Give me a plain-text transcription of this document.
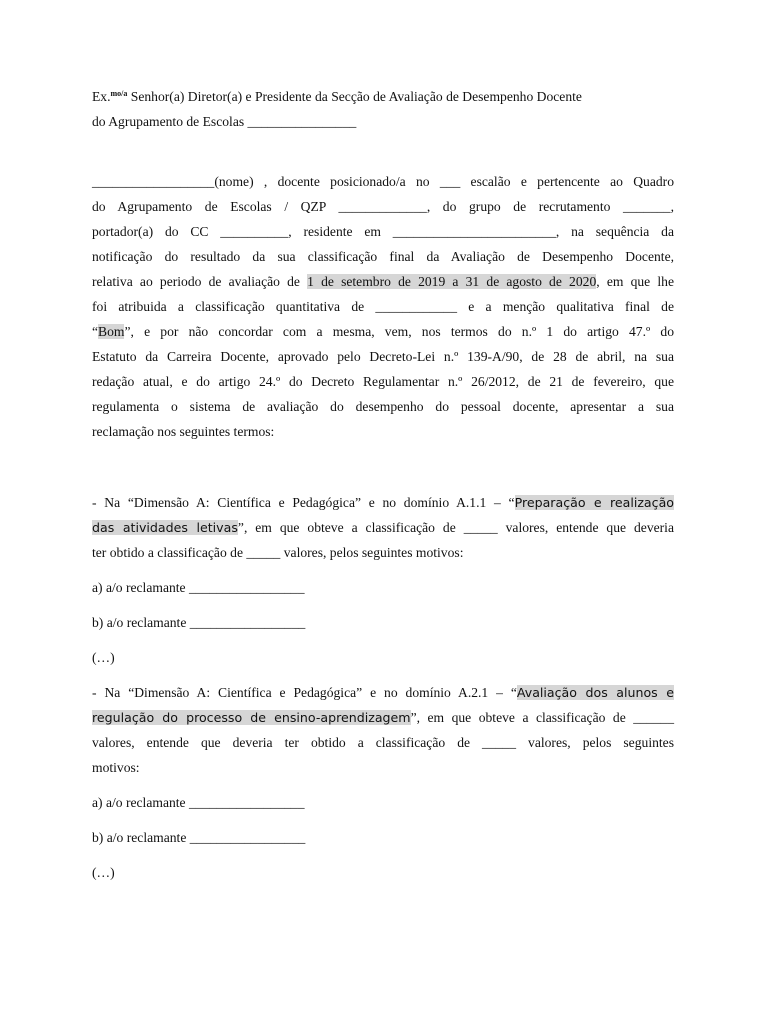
Ex.$^{mo/a}$ Senhor(a) Diretor(a) e Presidente da Secção de Avaliação de Desempenho Docente
do Agrupamento de Escolas ________________
__________________(nome) , docente posicionado/a no ___ escalão e pertencente ao Quadro
do Agrupamento de Escolas / QZP _____________, do grupo de recrutamento _______,
portador(a) do CC __________, residente em ________________________, na sequência da
notificação do resultado da sua classificação final da Avaliação de Desempenho Docente,
relativa ao periodo de avaliação de 1 de setembro de 2019 a 31 de agosto de 2020, em que lhe
foi atribuida a classificação quantitativa de ____________ e a menção qualitativa final de
“Bom”, e por não concordar com a mesma, vem, nos termos do n.º 1 do artigo 47.º do
Estatuto da Carreira Docente, aprovado pelo Decreto-Lei n.º 139-A/90, de 28 de abril, na sua
redação atual, e do artigo 24.º do Decreto Regulamentar n.º 26/2012, de 21 de fevereiro, que
regulamenta o sistema de avaliação do desempenho do pessoal docente, apresentar a sua
reclamação nos seguintes termos:
- Na “Dimensão A: Científica e Pedagógica” e no domínio A.1.1 – “Preparação e realização
das atividades letivas”, em que obteve a classificação de _____ valores, entende que deveria
ter obtido a classificação de _____ valores, pelos seguintes motivos:
a) a/o reclamante _________________
b) a/o reclamante _________________
(…)
- Na “Dimensão A: Científica e Pedagógica” e no domínio A.2.1 – “Avaliação dos alunos e
regulação do processo de ensino-aprendizagem”, em que obteve a classificação de ______
valores, entende que deveria ter obtido a classificação de _____ valores, pelos seguintes
motivos:
a) a/o reclamante _________________
b) a/o reclamante _________________
(…)
